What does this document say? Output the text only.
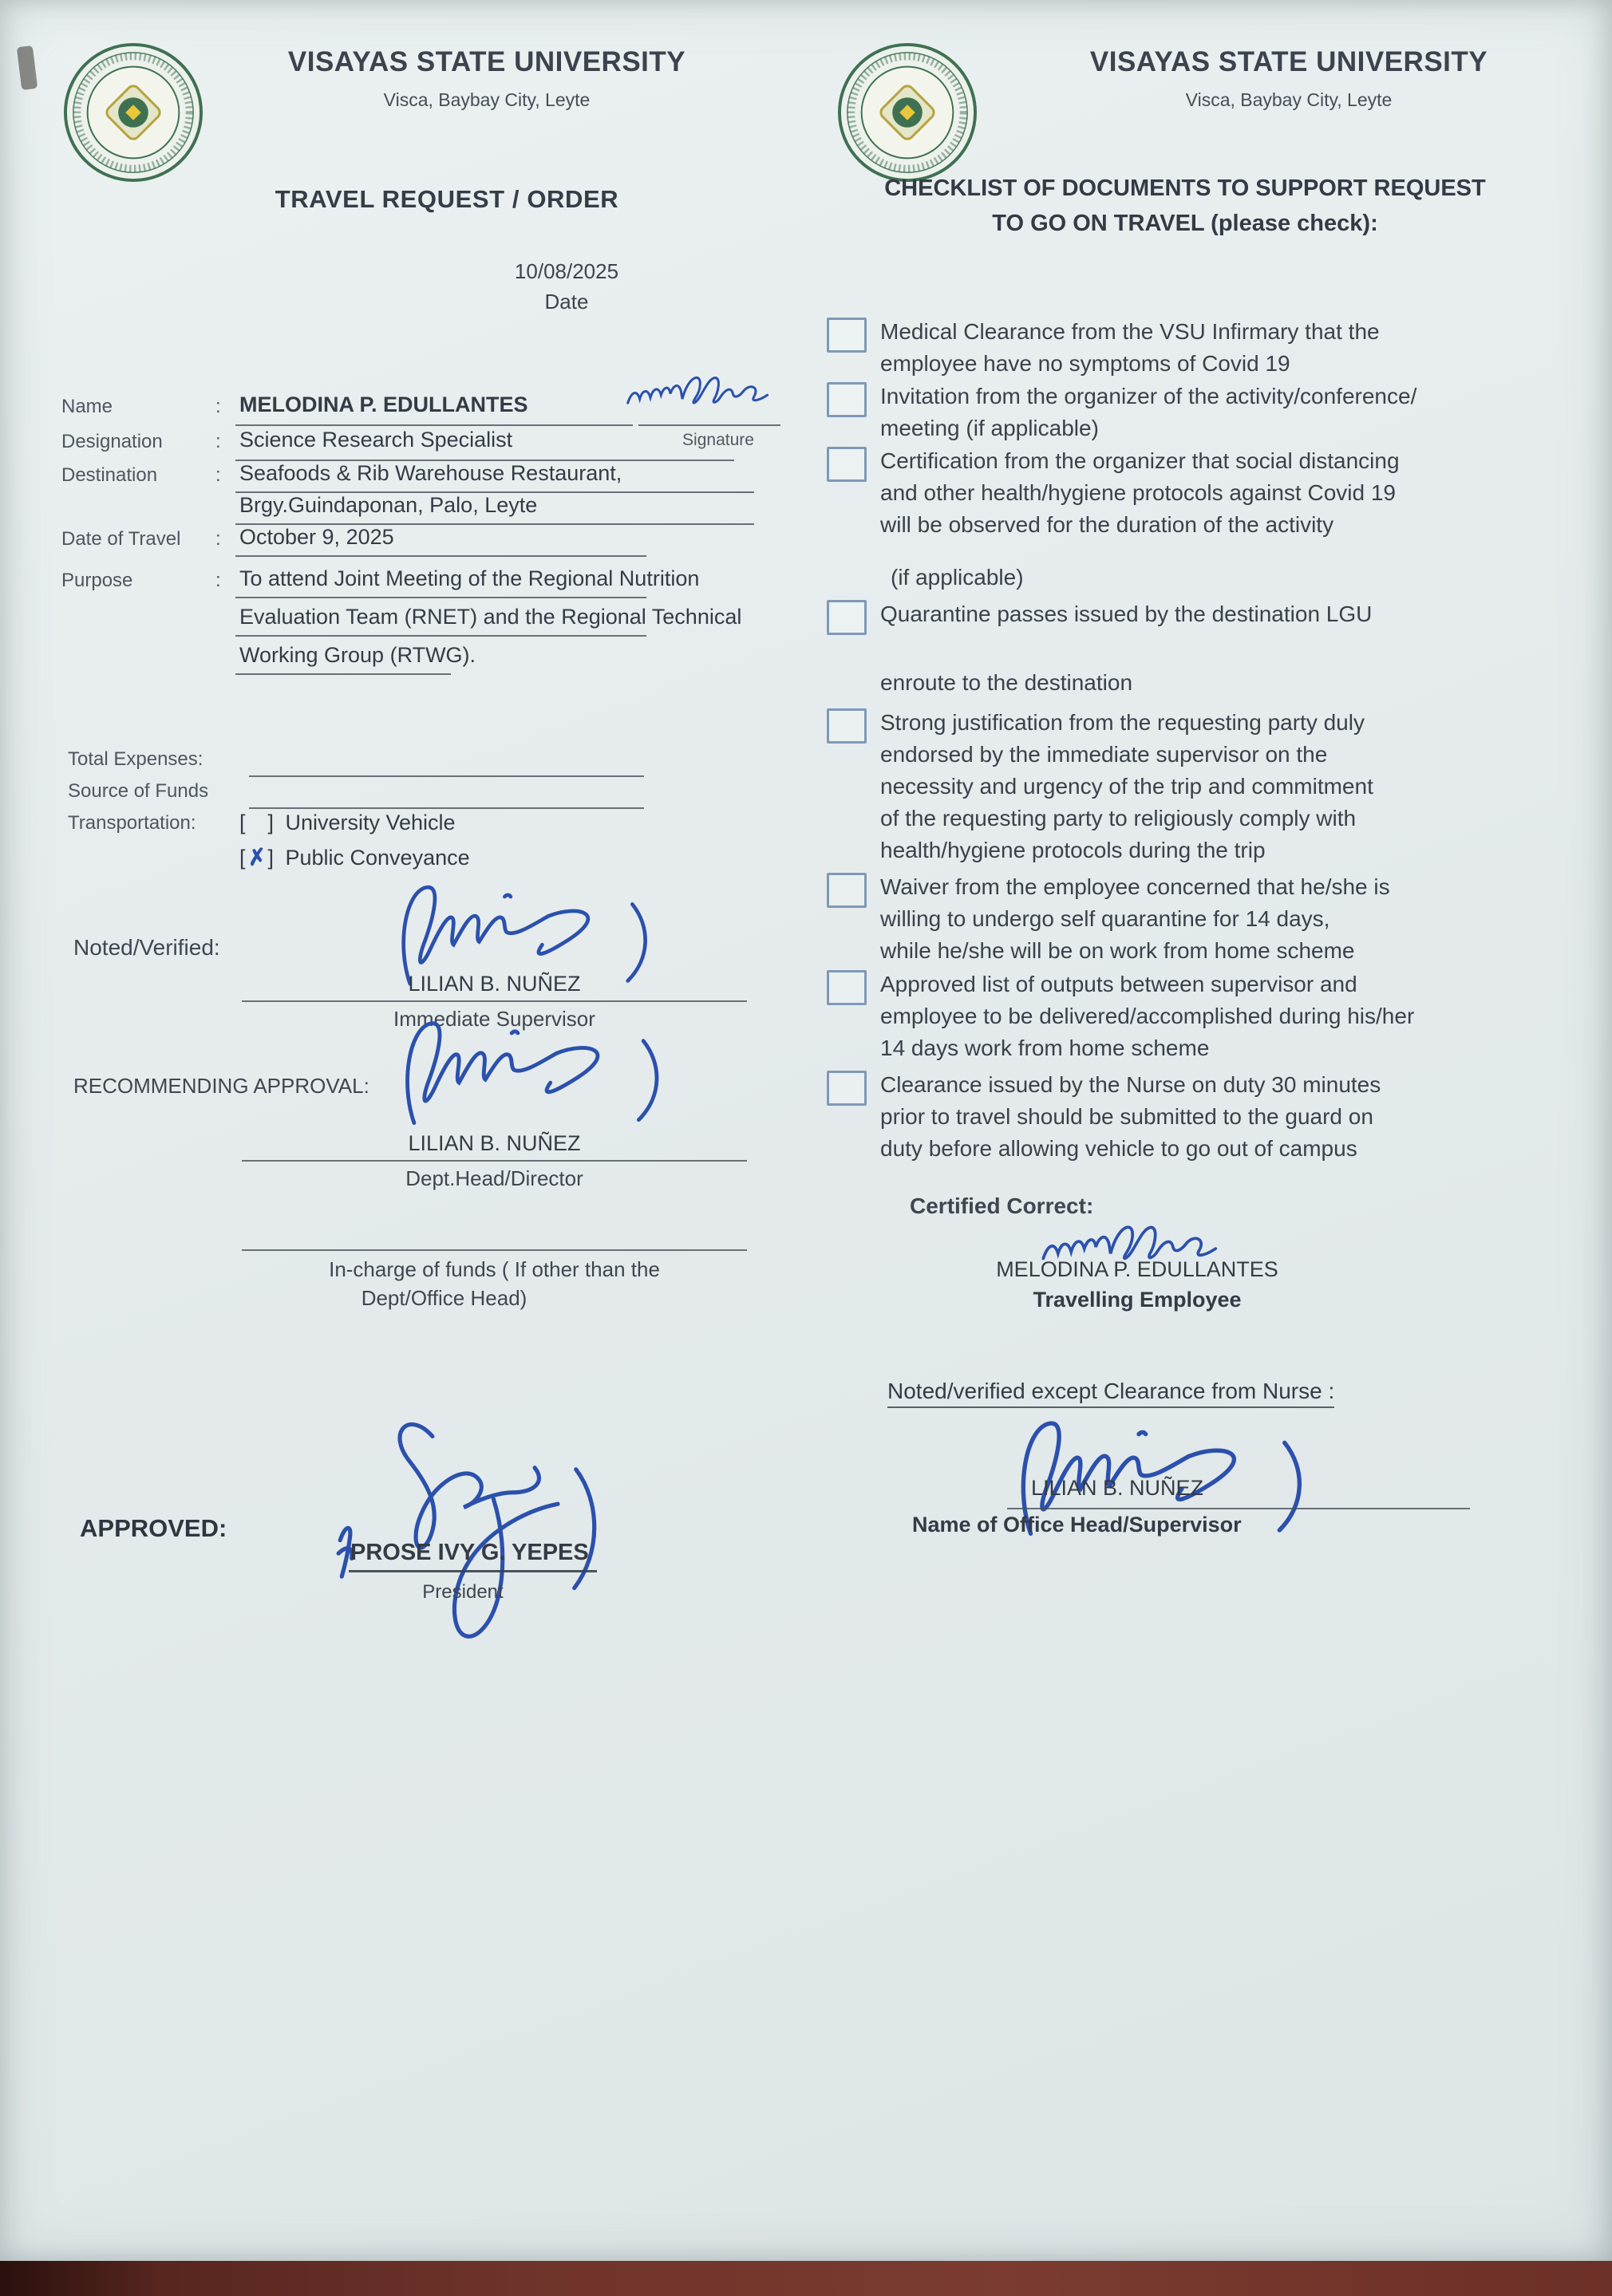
VISAYAS STATE UNIVERSITY
Visca, Baybay City, Leyte
TRAVEL REQUEST / ORDER
10/08/2025
Date
Name	: MELODINA P. EDULLANTES
Signature
Designation	: Science Research Specialist
Destination	: Seafoods & Rib Warehouse Restaurant,
Brgy.Guindaponan, Palo, Leyte
Date of Travel : October 9, 2025
Purpose	: To attend Joint Meeting of the Regional Nutrition
Evaluation Team (RNET) and the Regional Technical
Working Group (RTWG).
Total Expenses:
Source of Funds
Transportation: [ ] University Vehicle
[✗] Public Conveyance
Noted/Verified:
LILIAN B. NUÑEZ
Immediate Supervisor
RECOMMENDING APPROVAL:
LILIAN B. NUÑEZ
Dept.Head/Director
In-charge of funds ( If other than the
Dept/Office Head)
APPROVED:
PROSE IVY G. YEPES
President
VISAYAS STATE UNIVERSITY
Visca, Baybay City, Leyte
CHECKLIST OF DOCUMENTS TO SUPPORT REQUEST
TO GO ON TRAVEL (please check):
Medical Clearance from the VSU Infirmary that the
employee have no symptoms of Covid 19
Invitation from the organizer of the activity/conference/
meeting (if applicable)
Certification from the organizer that social distancing
and other health/hygiene protocols against Covid 19
will be observed for the duration of the activity
(if applicable)
Quarantine passes issued by the destination LGU
enroute to the destination
Strong justification from the requesting party duly
endorsed by the immediate supervisor on the
necessity and urgency of the trip and commitment
of the requesting party to religiously comply with
health/hygiene protocols during the trip
Waiver from the employee concerned that he/she is
willing to undergo self quarantine for 14 days,
while he/she will be on work from home scheme
Approved list of outputs between supervisor and
employee to be delivered/accomplished during his/her
14 days work from home scheme
Clearance issued by the Nurse on duty 30 minutes
prior to travel should be submitted to the guard on
duty before allowing vehicle to go out of campus
Certified Correct:
MELODINA P. EDULLANTES
Travelling Employee
Noted/verified except Clearance from Nurse :
LILIAN B. NUÑEZ
Name of Office Head/Supervisor
